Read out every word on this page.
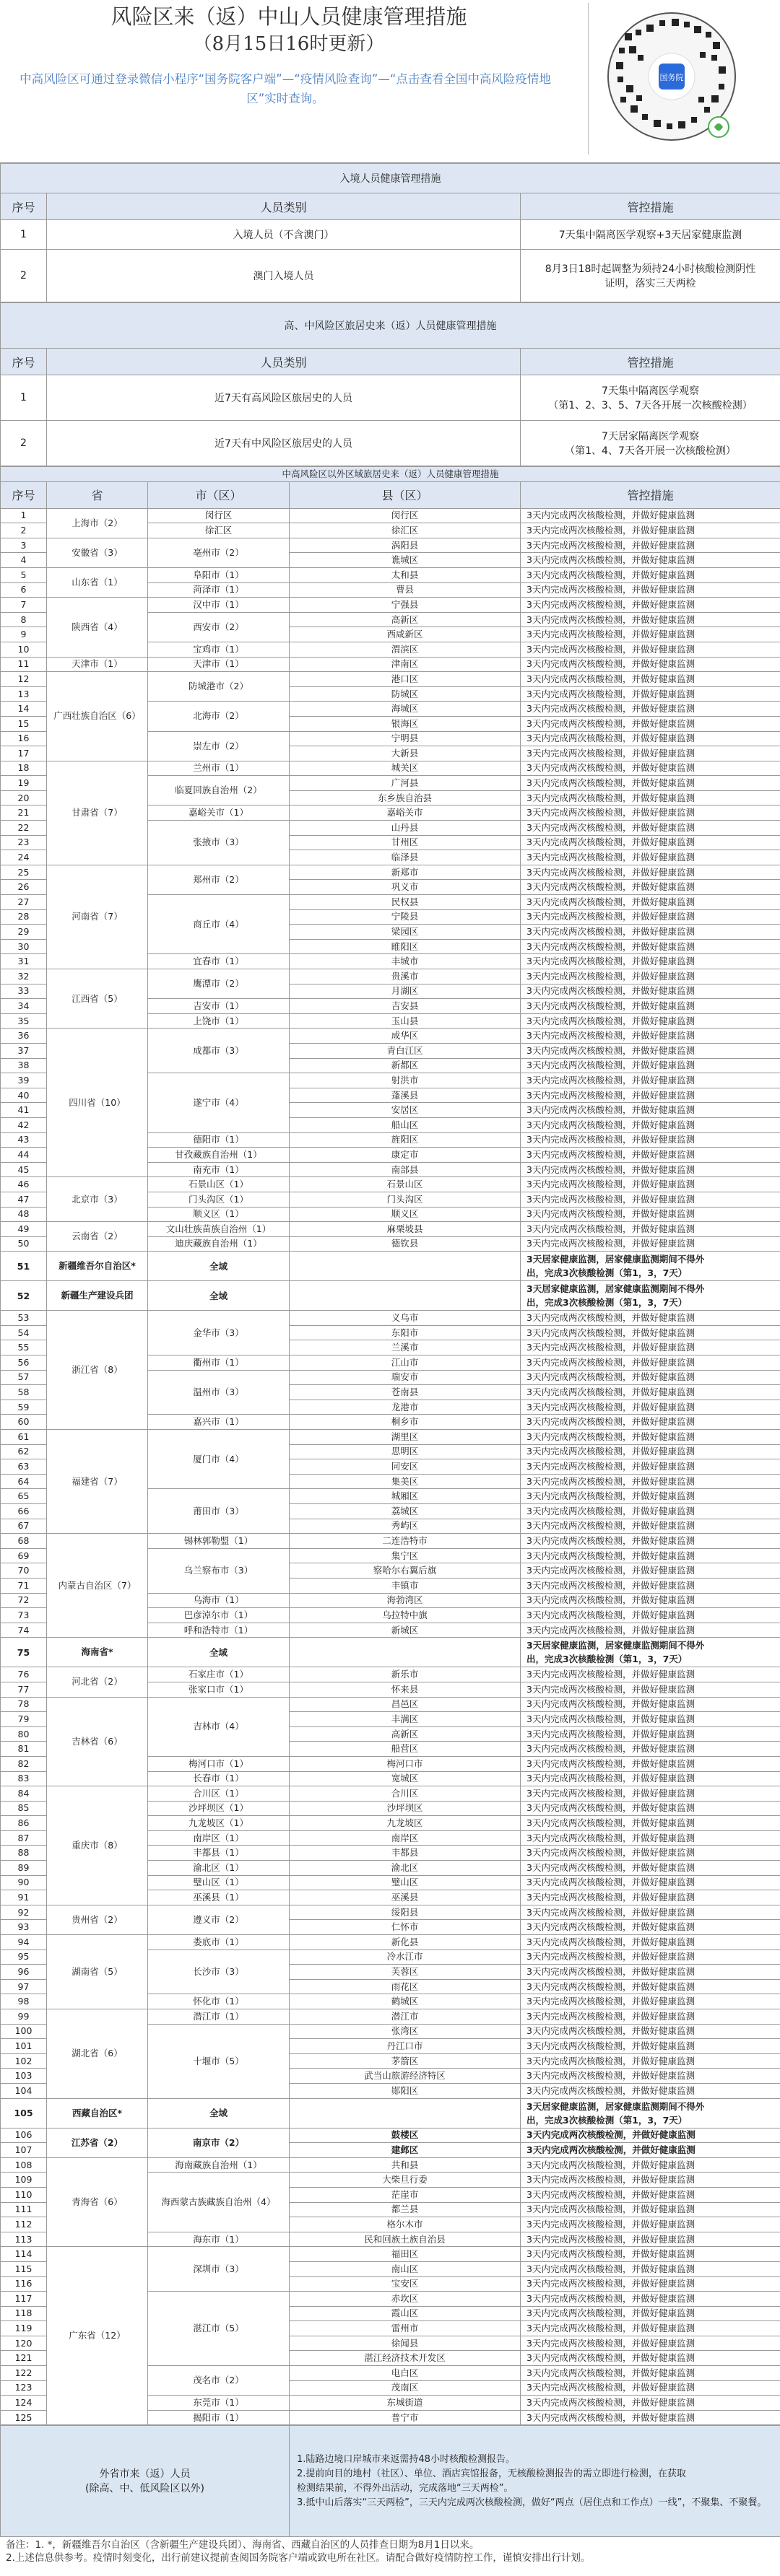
风险区来（返）中山人员健康管理措施
（8月15日16时更新）
中高风险区可通过登录微信小程序“国务院客户端”—“疫情风险查询”—“点击查看全国中高风险疫情地区”实时查询。
国务院
入境人员健康管理措施		
序号	人员类别	管控措施
1	入境人员（不含澳门）	7天集中隔离医学观察+3天居家健康监测
2	澳门入境人员	8月3日18时起调整为须持24小时核酸检测阴性
证明，落实三天两检
高、中风险区旅居史来（返）人员健康管理措施		
序号	人员类别	管控措施
1	近7天有高风险区旅居史的人员	7天集中隔离医学观察
（第1、2、3、5、7天各开展一次核酸检测）

2	近7天有中风险区旅居史的人员	7天居家隔离医学观察
（第1、4、7天各开展一次核酸检测）
中高风险区以外区域旅居史来（返）人员健康管理措施				
序号	省	市（区）	县（区）	管控措施
1	上海市（2）	闵行区	闵行区	3天内完成两次核酸检测，并做好健康监测
2		徐汇区	徐汇区	3天内完成两次核酸检测，并做好健康监测
3	安徽省（3）	亳州市（2）	涡阳县	3天内完成两次核酸检测，并做好健康监测
4			谯城区	3天内完成两次核酸检测，并做好健康监测
5	山东省（1）	阜阳市（1）	太和县	3天内完成两次核酸检测，并做好健康监测
6		菏泽市（1）	曹县	3天内完成两次核酸检测，并做好健康监测
7	陕西省（4）	汉中市（1）	宁强县	3天内完成两次核酸检测，并做好健康监测
8		西安市（2）	高新区	3天内完成两次核酸检测，并做好健康监测
9			西咸新区	3天内完成两次核酸检测，并做好健康监测
10		宝鸡市（1）	渭滨区	3天内完成两次核酸检测，并做好健康监测
11	天津市（1）	天津市（1）	津南区	3天内完成两次核酸检测，并做好健康监测
12	广西壮族自治区（6）	防城港市（2）	港口区	3天内完成两次核酸检测，并做好健康监测
13			防城区	3天内完成两次核酸检测，并做好健康监测
14		北海市（2）	海城区	3天内完成两次核酸检测，并做好健康监测
15			银海区	3天内完成两次核酸检测，并做好健康监测
16		崇左市（2）	宁明县	3天内完成两次核酸检测，并做好健康监测
17			大新县	3天内完成两次核酸检测，并做好健康监测
18	甘肃省（7）	兰州市（1）	城关区	3天内完成两次核酸检测，并做好健康监测
19		临夏回族自治州（2）	广河县	3天内完成两次核酸检测，并做好健康监测
20			东乡族自治县	3天内完成两次核酸检测，并做好健康监测
21		嘉峪关市（1）	嘉峪关市	3天内完成两次核酸检测，并做好健康监测
22		张掖市（3）	山丹县	3天内完成两次核酸检测，并做好健康监测
23			甘州区	3天内完成两次核酸检测，并做好健康监测
24			临泽县	3天内完成两次核酸检测，并做好健康监测
25	河南省（7）	郑州市（2）	新郑市	3天内完成两次核酸检测，并做好健康监测
26			巩义市	3天内完成两次核酸检测，并做好健康监测
27		商丘市（4）	民权县	3天内完成两次核酸检测，并做好健康监测
28			宁陵县	3天内完成两次核酸检测，并做好健康监测
29			梁园区	3天内完成两次核酸检测，并做好健康监测
30			睢阳区	3天内完成两次核酸检测，并做好健康监测
31		宜春市（1）	丰城市	3天内完成两次核酸检测，并做好健康监测
32	江西省（5）	鹰潭市（2）	贵溪市	3天内完成两次核酸检测，并做好健康监测
33			月湖区	3天内完成两次核酸检测，并做好健康监测
34		吉安市（1）	吉安县	3天内完成两次核酸检测，并做好健康监测
35		上饶市（1）	玉山县	3天内完成两次核酸检测，并做好健康监测
36	四川省（10）	成都市（3）	成华区	3天内完成两次核酸检测，并做好健康监测
37			青白江区	3天内完成两次核酸检测，并做好健康监测
38			新都区	3天内完成两次核酸检测，并做好健康监测
39		遂宁市（4）	射洪市	3天内完成两次核酸检测，并做好健康监测
40			蓬溪县	3天内完成两次核酸检测，并做好健康监测
41			安居区	3天内完成两次核酸检测，并做好健康监测
42			船山区	3天内完成两次核酸检测，并做好健康监测
43		德阳市（1）	旌阳区	3天内完成两次核酸检测，并做好健康监测
44		甘孜藏族自治州（1）	康定市	3天内完成两次核酸检测，并做好健康监测
45		南充市（1）	南部县	3天内完成两次核酸检测，并做好健康监测
46	北京市（3）	石景山区（1）	石景山区	3天内完成两次核酸检测，并做好健康监测
47		门头沟区（1）	门头沟区	3天内完成两次核酸检测，并做好健康监测
48		顺义区（1）	顺义区	3天内完成两次核酸检测，并做好健康监测
49	云南省（2）	文山壮族苗族自治州（1）	麻栗坡县	3天内完成两次核酸检测，并做好健康监测
50		迪庆藏族自治州（1）	德钦县	3天内完成两次核酸检测，并做好健康监测
51	新疆维吾尔自治区*	全域		3天居家健康监测，居家健康监测期间不得外
出，完成3次核酸检测（第1，3，7天）

52	新疆生产建设兵团	全域		3天居家健康监测，居家健康监测期间不得外
出，完成3次核酸检测（第1，3，7天）

53	浙江省（8）	金华市（3）	义乌市	3天内完成两次核酸检测，并做好健康监测
54			东阳市	3天内完成两次核酸检测，并做好健康监测
55			兰溪市	3天内完成两次核酸检测，并做好健康监测
56		衢州市（1）	江山市	3天内完成两次核酸检测，并做好健康监测
57		温州市（3）	瑞安市	3天内完成两次核酸检测，并做好健康监测
58			苍南县	3天内完成两次核酸检测，并做好健康监测
59			龙港市	3天内完成两次核酸检测，并做好健康监测
60		嘉兴市（1）	桐乡市	3天内完成两次核酸检测，并做好健康监测
61	福建省（7）	厦门市（4）	湖里区	3天内完成两次核酸检测，并做好健康监测
62			思明区	3天内完成两次核酸检测，并做好健康监测
63			同安区	3天内完成两次核酸检测，并做好健康监测
64			集美区	3天内完成两次核酸检测，并做好健康监测
65		莆田市（3）	城厢区	3天内完成两次核酸检测，并做好健康监测
66			荔城区	3天内完成两次核酸检测，并做好健康监测
67			秀屿区	3天内完成两次核酸检测，并做好健康监测
68	内蒙古自治区（7）	锡林郭勒盟（1）	二连浩特市	3天内完成两次核酸检测，并做好健康监测
69		乌兰察布市（3）	集宁区	3天内完成两次核酸检测，并做好健康监测
70			察哈尔右翼后旗	3天内完成两次核酸检测，并做好健康监测
71			丰镇市	3天内完成两次核酸检测，并做好健康监测
72		乌海市（1）	海勃湾区	3天内完成两次核酸检测，并做好健康监测
73		巴彦淖尔市（1）	乌拉特中旗	3天内完成两次核酸检测，并做好健康监测
74		呼和浩特市（1）	新城区	3天内完成两次核酸检测，并做好健康监测
75	海南省*	全域		3天居家健康监测，居家健康监测期间不得外
出，完成3次核酸检测（第1，3，7天）

76	河北省（2）	石家庄市（1）	新乐市	3天内完成两次核酸检测，并做好健康监测
77		张家口市（1）	怀来县	3天内完成两次核酸检测，并做好健康监测
78	吉林省（6）	吉林市（4）	昌邑区	3天内完成两次核酸检测，并做好健康监测
79			丰满区	3天内完成两次核酸检测，并做好健康监测
80			高新区	3天内完成两次核酸检测，并做好健康监测
81			船营区	3天内完成两次核酸检测，并做好健康监测
82		梅河口市（1）	梅河口市	3天内完成两次核酸检测，并做好健康监测
83		长春市（1）	宽城区	3天内完成两次核酸检测，并做好健康监测
84	重庆市（8）	合川区（1）	合川区	3天内完成两次核酸检测，并做好健康监测
85		沙坪坝区（1）	沙坪坝区	3天内完成两次核酸检测，并做好健康监测
86		九龙坡区（1）	九龙坡区	3天内完成两次核酸检测，并做好健康监测
87		南岸区（1）	南岸区	3天内完成两次核酸检测，并做好健康监测
88		丰都县（1）	丰都县	3天内完成两次核酸检测，并做好健康监测
89		渝北区（1）	渝北区	3天内完成两次核酸检测，并做好健康监测
90		璧山区（1）	璧山区	3天内完成两次核酸检测，并做好健康监测
91		巫溪县（1）	巫溪县	3天内完成两次核酸检测，并做好健康监测
92	贵州省（2）	遵义市（2）	绥阳县	3天内完成两次核酸检测，并做好健康监测
93			仁怀市	3天内完成两次核酸检测，并做好健康监测
94	湖南省（5）	娄底市（1）	新化县	3天内完成两次核酸检测，并做好健康监测
95		长沙市（3）	冷水江市	3天内完成两次核酸检测，并做好健康监测
96			芙蓉区	3天内完成两次核酸检测，并做好健康监测
97			雨花区	3天内完成两次核酸检测，并做好健康监测
98		怀化市（1）	鹤城区	3天内完成两次核酸检测，并做好健康监测
99	湖北省（6）	潜江市（1）	潜江市	3天内完成两次核酸检测，并做好健康监测
100		十堰市（5）	张湾区	3天内完成两次核酸检测，并做好健康监测
101			丹江口市	3天内完成两次核酸检测，并做好健康监测
102			茅箭区	3天内完成两次核酸检测，并做好健康监测
103			武当山旅游经济特区	3天内完成两次核酸检测，并做好健康监测
104			郧阳区	3天内完成两次核酸检测，并做好健康监测
105	西藏自治区*	全域		3天居家健康监测，居家健康监测期间不得外
出，完成3次核酸检测（第1，3，7天）

106	江苏省（2）	南京市（2）	鼓楼区	3天内完成两次核酸检测，并做好健康监测
107			建邺区	3天内完成两次核酸检测，并做好健康监测
108	青海省（6）	海南藏族自治州（1）	共和县	3天内完成两次核酸检测，并做好健康监测
109		海西蒙古族藏族自治州（4）	大柴旦行委	3天内完成两次核酸检测，并做好健康监测
110			茫崖市	3天内完成两次核酸检测，并做好健康监测
111			都兰县	3天内完成两次核酸检测，并做好健康监测
112			格尔木市	3天内完成两次核酸检测，并做好健康监测
113		海东市（1）	民和回族土族自治县	3天内完成两次核酸检测，并做好健康监测
114	广东省（12）	深圳市（3）	福田区	3天内完成两次核酸检测，并做好健康监测
115			南山区	3天内完成两次核酸检测，并做好健康监测
116			宝安区	3天内完成两次核酸检测，并做好健康监测
117		湛江市（5）	赤坎区	3天内完成两次核酸检测，并做好健康监测
118			霞山区	3天内完成两次核酸检测，并做好健康监测
119			雷州市	3天内完成两次核酸检测，并做好健康监测
120			徐闻县	3天内完成两次核酸检测，并做好健康监测
121			湛江经济技术开发区	3天内完成两次核酸检测，并做好健康监测
122		茂名市（2）	电白区	3天内完成两次核酸检测，并做好健康监测
123			茂南区	3天内完成两次核酸检测，并做好健康监测
124		东莞市（1）	东城街道	3天内完成两次核酸检测，并做好健康监测
125		揭阳市（1）	普宁市	3天内完成两次核酸检测，并做好健康监测
外省市来（返）人员
(除高、中、低风险区以外)

1.陆路边境口岸城市来返需持48小时核酸检测报告。
2.提前向目的地村（社区）、单位、酒店宾馆报备，无核酸检测报告的需立即进行检测，在获取
检测结果前，不得外出活动，完成落地“三天两检”。
3.抵中山后落实“三天两检”，三天内完成两次核酸检测，做好“两点（居住点和工作点）一线”，不聚集、不聚餐。
备注：1. *，新疆维吾尔自治区（含新疆生产建设兵团）、海南省、西藏自治区的人员排查日期为8月1日以来。
2.上述信息供参考。疫情时刻变化，出行前建议提前查阅国务院客户端或致电所在社区。请配合做好疫情防控工作，谨慎安排出行计划。
